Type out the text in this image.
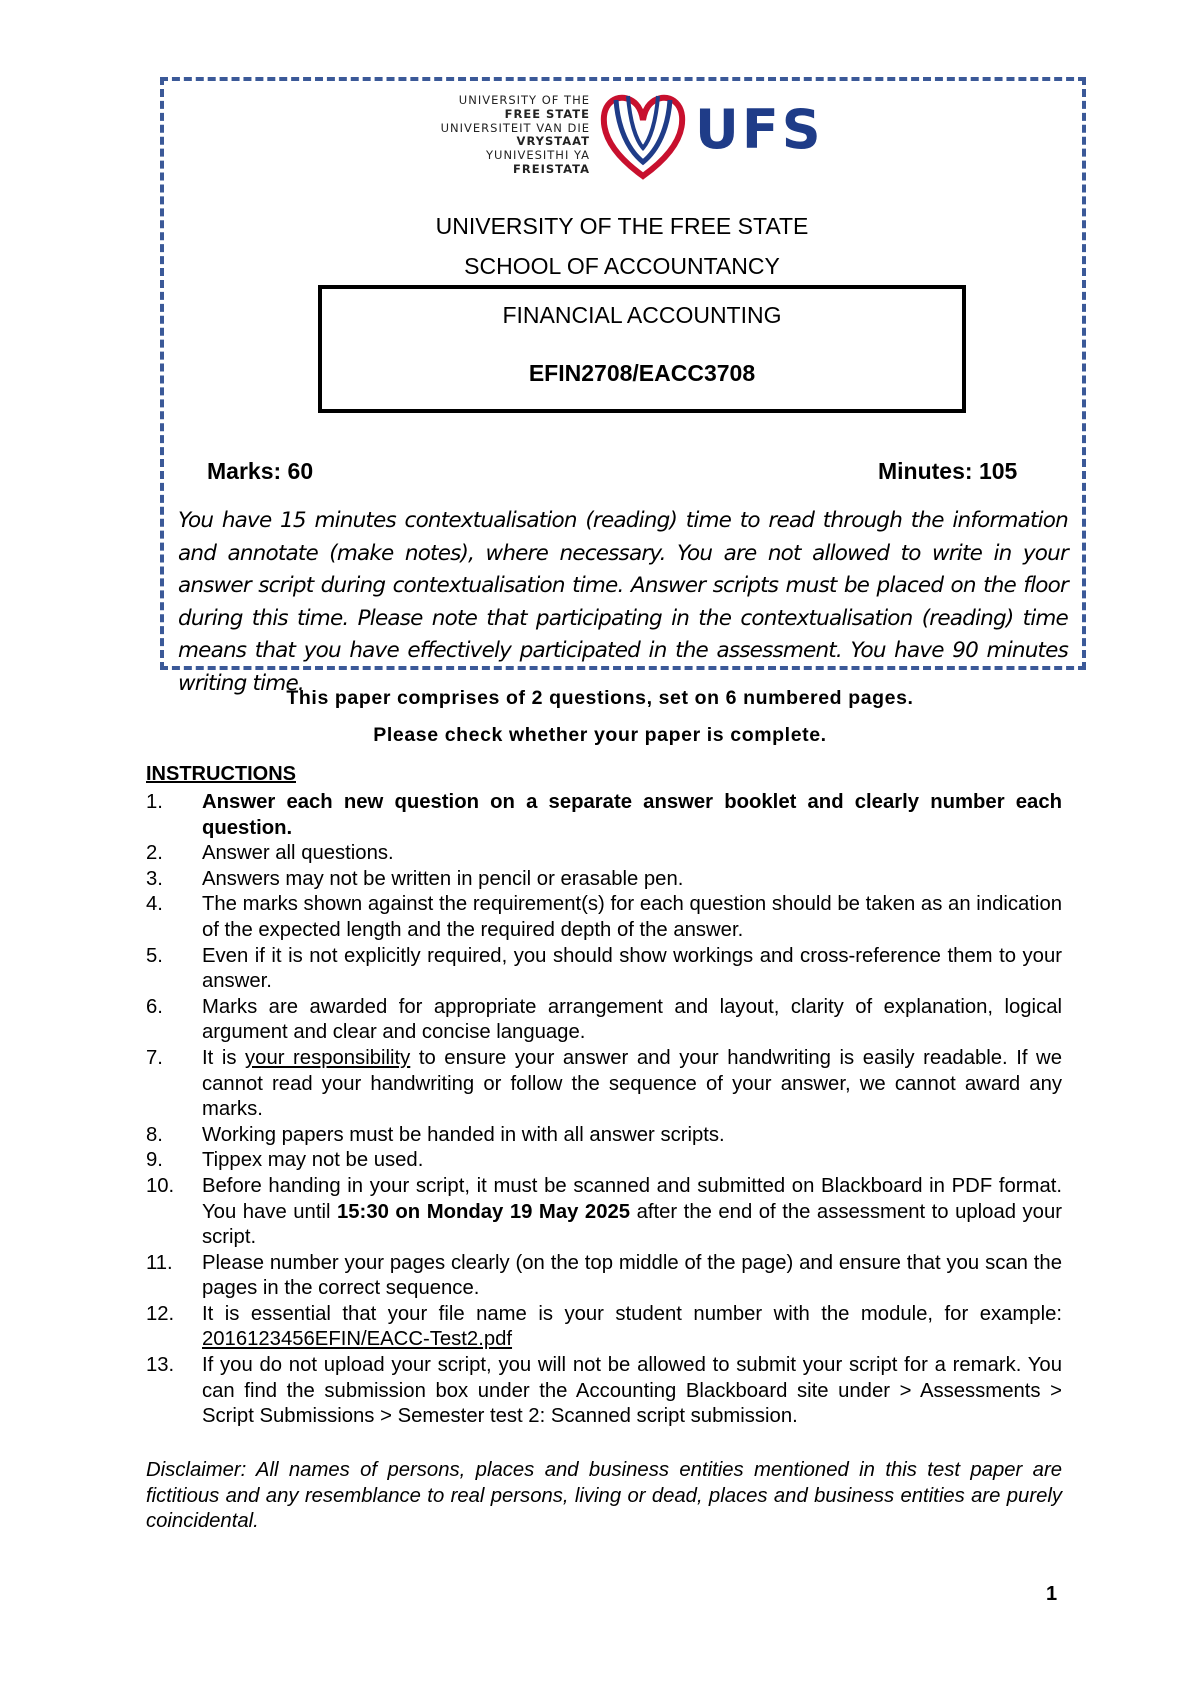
UNIVERSITY OF THE
FREE STATE
UNIVERSITEIT VAN DIE
VRYSTAAT
YUNIVESITHI YA
FREISTATA
UFS
UNIVERSITY OF THE FREE STATE
SCHOOL OF ACCOUNTANCY
FINANCIAL ACCOUNTING
EFIN2708/EACC3708
Marks: 60	Minutes: 105

You have 15 minutes contextualisation (reading) time to read through the information and annotate (make notes), where necessary. You are not allowed to write in your answer script during contextualisation time. Answer scripts must be placed on the floor during this time. Please note that participating in the contextualisation (reading) time means that you have effectively participated in the assessment. You have 90 minutes writing time.

This paper comprises of 2 questions, set on 6 numbered pages.
Please check whether your paper is complete.
INSTRUCTIONS
1. Answer each new question on a separate answer booklet and clearly number each question.
2. Answer all questions.
3. Answers may not be written in pencil or erasable pen.
4. The marks shown against the requirement(s) for each question should be taken as an indication of the expected length and the required depth of the answer.
5. Even if it is not explicitly required, you should show workings and cross-reference them to your answer.
6. Marks are awarded for appropriate arrangement and layout, clarity of explanation, logical argument and clear and concise language.
7. It is your responsibility to ensure your answer and your handwriting is easily readable. If we cannot read your handwriting or follow the sequence of your answer, we cannot award any marks.
8. Working papers must be handed in with all answer scripts.
9. Tippex may not be used.
10. Before handing in your script, it must be scanned and submitted on Blackboard in PDF format. You have until 15:30 on Monday 19 May 2025 after the end of the assessment to upload your script.
11. Please number your pages clearly (on the top middle of the page) and ensure that you scan the pages in the correct sequence.
12. It is essential that your file name is your student number with the module, for example: 2016123456EFIN/EACC-Test2.pdf
13. If you do not upload your script, you will not be allowed to submit your script for a remark. You can find the submission box under the Accounting Blackboard site under > Assessments > Script Submissions > Semester test 2: Scanned script submission.

Disclaimer: All names of persons, places and business entities mentioned in this test paper are fictitious and any resemblance to real persons, living or dead, places and business entities are purely coincidental.

1
